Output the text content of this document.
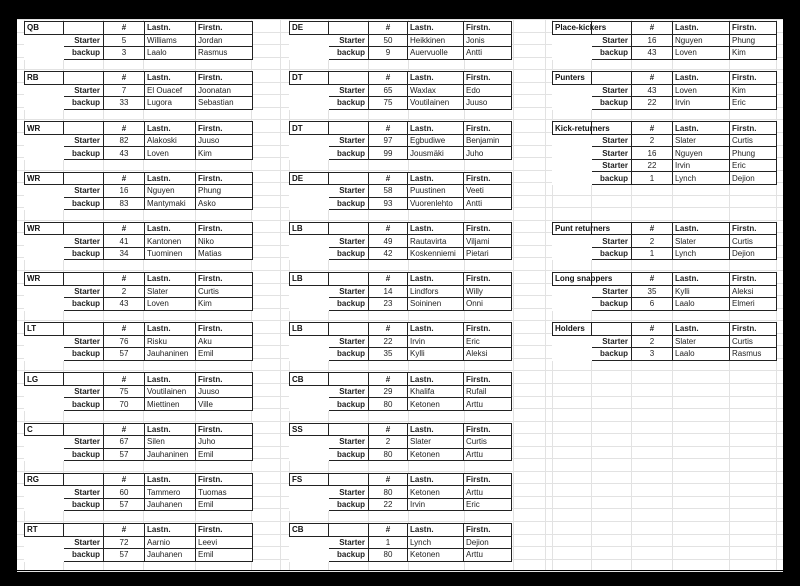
QB		#	Lastn.	Firstn.
	Starter	5	Williams	Jordan
	backup	3	Laalo	Rasmus
RB		#	Lastn.	Firstn.
	Starter	7	El Ouacef	Joonatan
	backup	33	Lugora	Sebastian
WR		#	Lastn.	Firstn.
	Starter	82	Alakoski	Juuso
	backup	43	Loven	Kim
WR		#	Lastn.	Firstn.
	Starter	16	Nguyen	Phung
	backup	83	Mantymaki	Asko
WR		#	Lastn.	Firstn.
	Starter	41	Kantonen	Niko
	backup	34	Tuominen	Matias
WR		#	Lastn.	Firstn.
	Starter	2	Slater	Curtis
	backup	43	Loven	Kim
LT		#	Lastn.	Firstn.
	Starter	76	Risku	Aku
	backup	57	Jauhaninen	Emil
LG		#	Lastn.	Firstn.
	Starter	75	Voutilainen	Juuso
	backup	70	Miettinen	Ville
C		#	Lastn.	Firstn.
	Starter	67	Silen	Juho
	backup	57	Jauhaninen	Emil
RG		#	Lastn.	Firstn.
	Starter	60	Tammero	Tuomas
	backup	57	Jauhanen	Emil
RT		#	Lastn.	Firstn.
	Starter	72	Aarnio	Leevi
	backup	57	Jauhanen	Emil
DE		#	Lastn.	Firstn.
	Starter	50	Heikkinen	Jonis
	backup	9	Auervuolle	Antti
DT		#	Lastn.	Firstn.
	Starter	65	Waxlax	Edo
	backup	75	Voutilainen	Juuso
DT		#	Lastn.	Firstn.
	Starter	97	Egbudiwe	Benjamin
	backup	99	Jousmäki	Juho
DE		#	Lastn.	Firstn.
	Starter	58	Puustinen	Veeti
	backup	93	Vuorenlehto	Antti
LB		#	Lastn.	Firstn.
	Starter	49	Rautavirta	Viljami
	backup	42	Koskenniemi	Pietari
LB		#	Lastn.	Firstn.
	Starter	14	Lindfors	Willy
	backup	23	Soininen	Onni
LB		#	Lastn.	Firstn.
	Starter	22	Irvin	Eric
	backup	35	Kylli	Aleksi
CB		#	Lastn.	Firstn.
	Starter	29	Khalifa	Rufail
	backup	80	Ketonen	Arttu
SS		#	Lastn.	Firstn.
	Starter	2	Slater	Curtis
	backup	80	Ketonen	Arttu
FS		#	Lastn.	Firstn.
	Starter	80	Ketonen	Arttu
	backup	22	Irvin	Eric
CB		#	Lastn.	Firstn.
	Starter	1	Lynch	Dejion
	backup	80	Ketonen	Arttu
Place-kickers		#	Lastn.	Firstn.
	Starter	16	Nguyen	Phung
	backup	43	Loven	Kim
Punters		#	Lastn.	Firstn.
	Starter	43	Loven	Kim
	backup	22	Irvin	Eric
Kick-returners		#	Lastn.	Firstn.
	Starter	2	Slater	Curtis
	Starter	16	Nguyen	Phung
	Starter	22	Irvin	Eric
	backup	1	Lynch	Dejion
Punt returners		#	Lastn.	Firstn.
	Starter	2	Slater	Curtis
	backup	1	Lynch	Dejion
Long snappers		#	Lastn.	Firstn.
	Starter	35	Kylli	Aleksi
	backup	6	Laalo	Elmeri
Holders		#	Lastn.	Firstn.
	Starter	2	Slater	Curtis
	backup	3	Laalo	Rasmus
